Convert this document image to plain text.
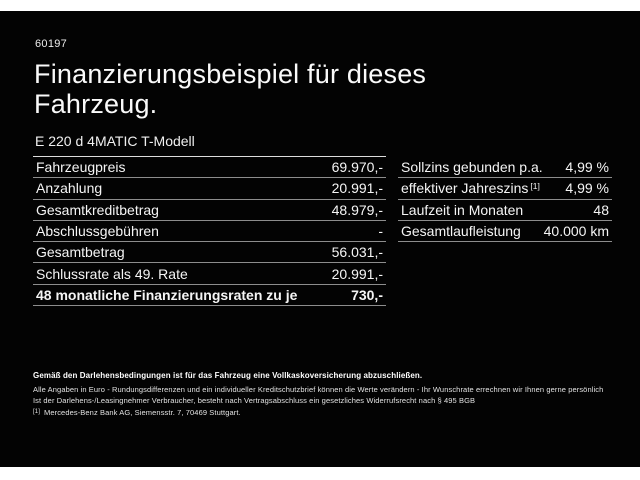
60197
Finanzierungsbeispiel für dieses Fahrzeug.
E 220 d 4MATIC T-Modell
Fahrzeugpreis	69.970,-
Anzahlung	20.991,-
Gesamtkreditbetrag	48.979,-
Abschlussgebühren	-
Gesamtbetrag	56.031,-
Schlussrate als 49. Rate	20.991,-
48 monatliche Finanzierungsraten zu je	730,-
Sollzins gebunden p.a. 4,99 %
effektiver Jahreszins [1] 4,99 %
Laufzeit in Monaten	48
Gesamtlaufleistung 40.000 km
Gemäß den Darlehensbedingungen ist für das Fahrzeug eine Vollkaskoversicherung abzuschließen.
Alle Angaben in Euro - Rundungsdifferenzen und ein individueller Kreditschutzbrief können die Werte verändern - Ihr Wunschrate errechnen wir Ihnen gerne persönlich
Ist der Darlehens-/Leasingnehmer Verbraucher, besteht nach Vertragsabschluss ein gesetzliches Widerrufsrecht nach § 495 BGB
[1] Mercedes-Benz Bank AG, Siemensstr. 7, 70469 Stuttgart.
